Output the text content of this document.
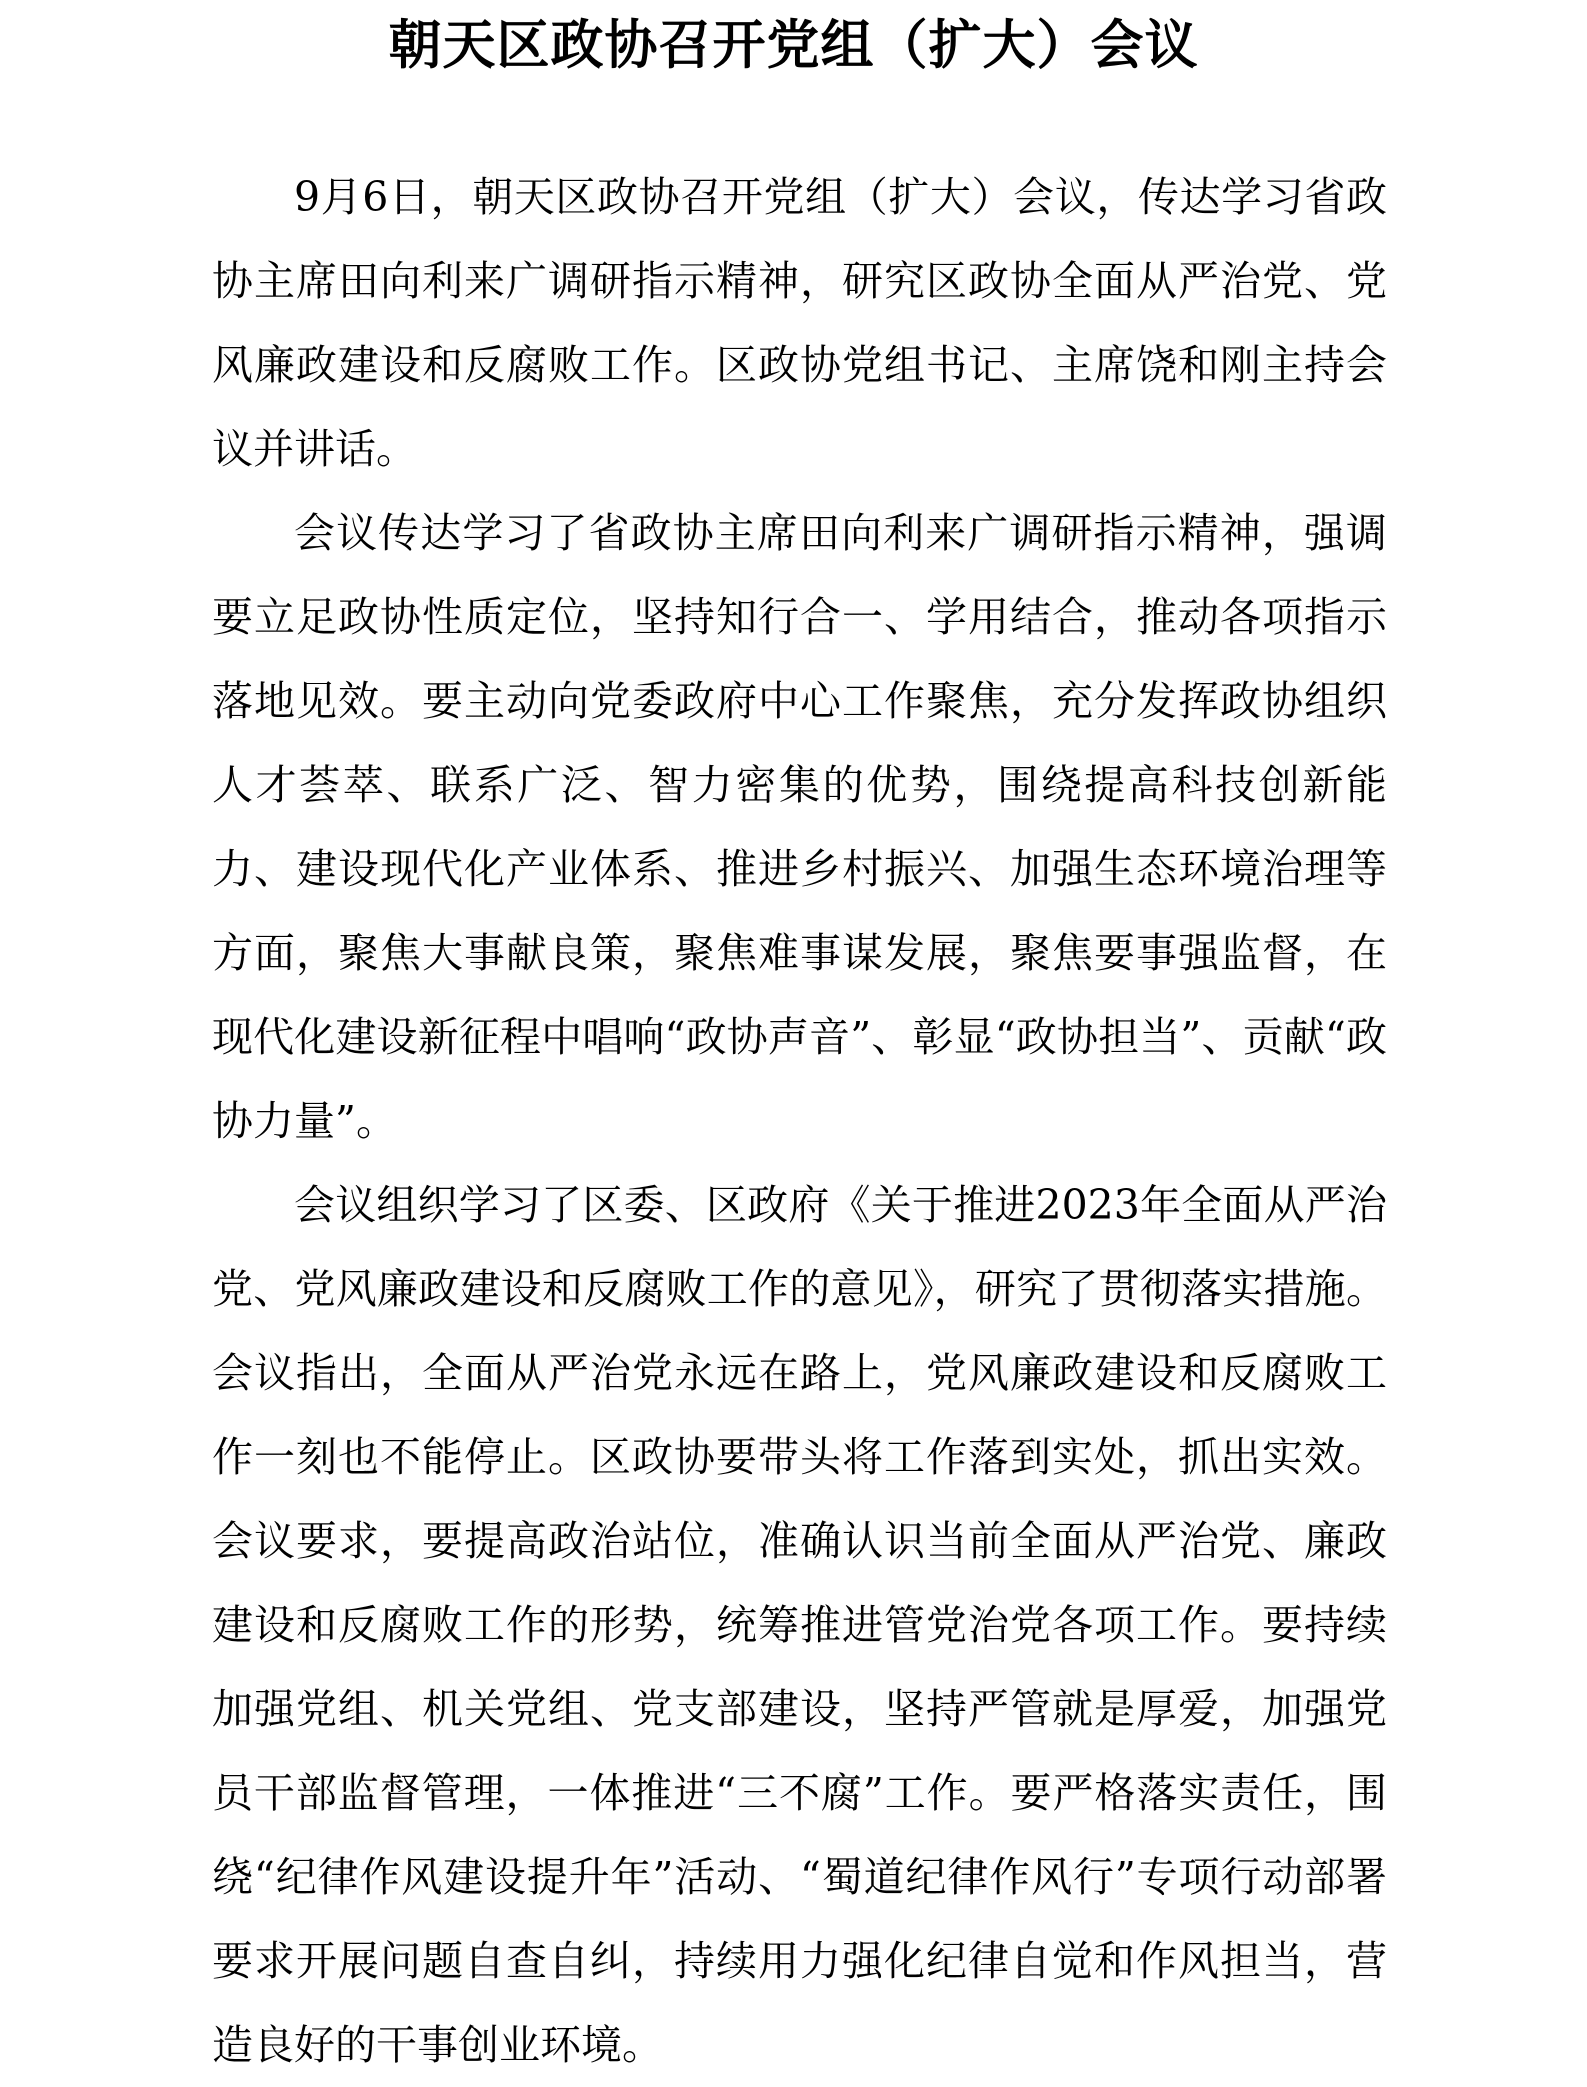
朝天区政协召开党组（扩大）会议

9月6日，朝天区政协召开党组（扩大）会议，传达学习省政协主席田向利来广调研指示精神，研究区政协全面从严治党、党风廉政建设和反腐败工作。区政协党组书记、主席饶和刚主持会议并讲话。

会议传达学习了省政协主席田向利来广调研指示精神，强调要立足政协性质定位，坚持知行合一、学用结合，推动各项指示落地见效。要主动向党委政府中心工作聚焦，充分发挥政协组织人才荟萃、联系广泛、智力密集的优势，围绕提高科技创新能力、建设现代化产业体系、推进乡村振兴、加强生态环境治理等方面，聚焦大事献良策，聚焦难事谋发展，聚焦要事强监督，在现代化建设新征程中唱响“政协声音”、彰显“政协担当”、贡献“政协力量”。

会议组织学习了区委、区政府《关于推进2023年全面从严治党、党风廉政建设和反腐败工作的意见》，研究了贯彻落实措施。会议指出，全面从严治党永远在路上，党风廉政建设和反腐败工作一刻也不能停止。区政协要带头将工作落到实处，抓出实效。会议要求，要提高政治站位，准确认识当前全面从严治党、廉政建设和反腐败工作的形势，统筹推进管党治党各项工作。要持续加强党组、机关党组、党支部建设，坚持严管就是厚爱，加强党员干部监督管理，一体推进“三不腐”工作。要严格落实责任，围绕“纪律作风建设提升年”活动、“蜀道纪律作风行”专项行动部署要求开展问题自查自纠，持续用力强化纪律自觉和作风担当，营造良好的干事创业环境。
